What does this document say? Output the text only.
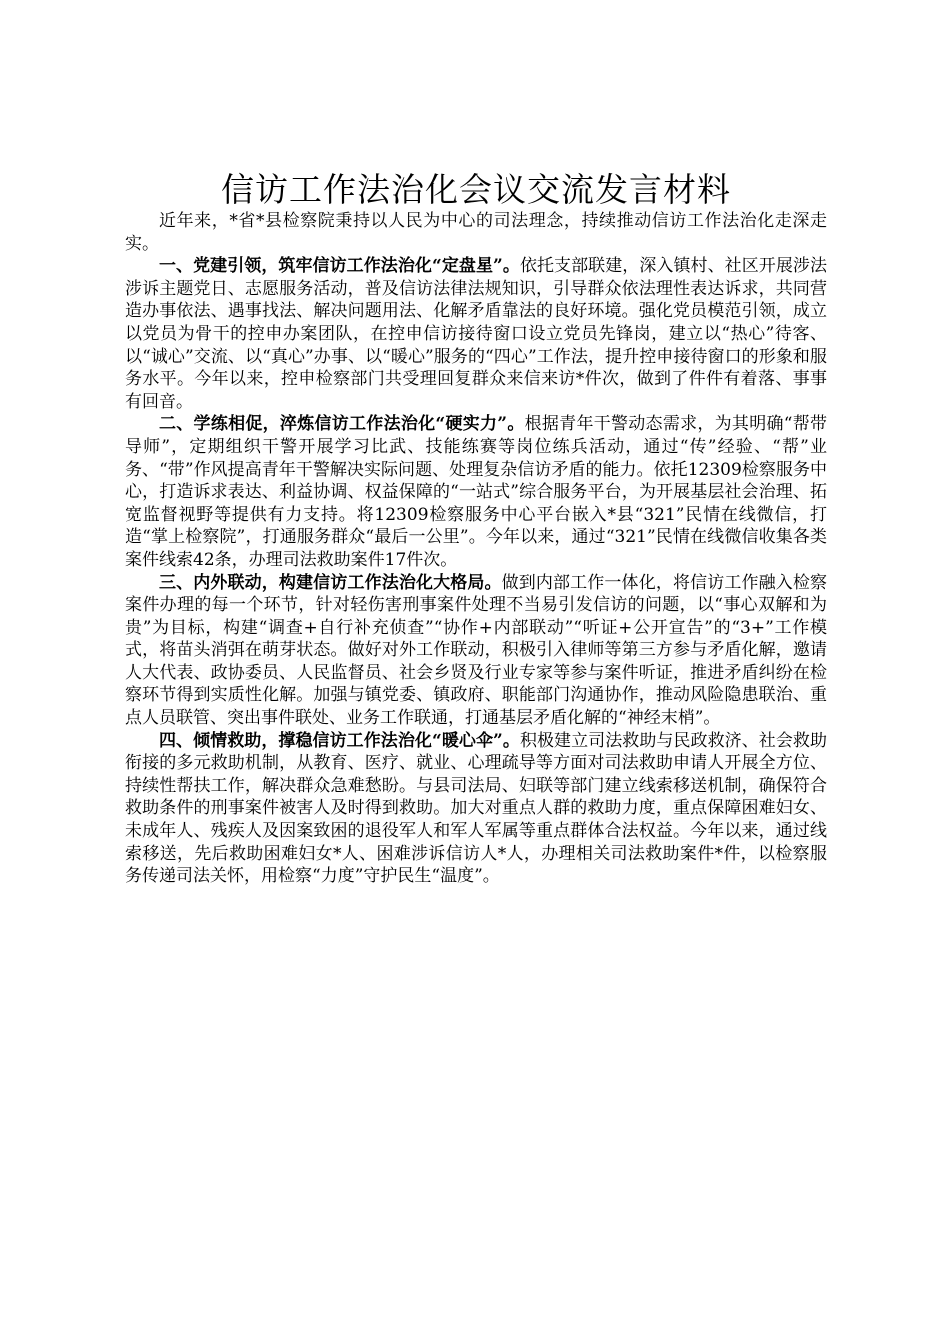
信访工作法治化会议交流发言材料

近年来，*省*县检察院秉持以人民为中心的司法理念，持续推动信访工作法治化走深走实。

一、党建引领，筑牢信访工作法治化“定盘星”。依托支部联建，深入镇村、社区开展涉法涉诉主题党日、志愿服务活动，普及信访法律法规知识，引导群众依法理性表达诉求，共同营造办事依法、遇事找法、解决问题用法、化解矛盾靠法的良好环境。强化党员模范引领，成立以党员为骨干的控申办案团队，在控申信访接待窗口设立党员先锋岗，建立以“热心”待客、以“诚心”交流、以“真心”办事、以“暖心”服务的“四心”工作法，提升控申接待窗口的形象和服务水平。今年以来，控申检察部门共受理回复群众来信来访*件次，做到了件件有着落、事事有回音。

二、学练相促，淬炼信访工作法治化“硬实力”。根据青年干警动态需求，为其明确“帮带导师”，定期组织干警开展学习比武、技能练赛等岗位练兵活动，通过“传”经验、“帮”业务、“带”作风提高青年干警解决实际问题、处理复杂信访矛盾的能力。依托12309检察服务中心，打造诉求表达、利益协调、权益保障的“一站式”综合服务平台，为开展基层社会治理、拓宽监督视野等提供有力支持。将12309检察服务中心平台嵌入*县“321”民情在线微信，打造“掌上检察院”，打通服务群众“最后一公里”。今年以来，通过“321”民情在线微信收集各类案件线索42条，办理司法救助案件17件次。

三、内外联动，构建信访工作法治化大格局。做到内部工作一体化，将信访工作融入检察案件办理的每一个环节，针对轻伤害刑事案件处理不当易引发信访的问题，以“事心双解和为贵”为目标，构建“调查+自行补充侦查”“协作+内部联动”“听证+公开宣告”的“3+”工作模式，将苗头消弭在萌芽状态。做好对外工作联动，积极引入律师等第三方参与矛盾化解，邀请人大代表、政协委员、人民监督员、社会乡贤及行业专家等参与案件听证，推进矛盾纠纷在检察环节得到实质性化解。加强与镇党委、镇政府、职能部门沟通协作，推动风险隐患联治、重点人员联管、突出事件联处、业务工作联通，打通基层矛盾化解的“神经末梢”。

四、倾情救助，撑稳信访工作法治化“暖心伞”。积极建立司法救助与民政救济、社会救助衔接的多元救助机制，从教育、医疗、就业、心理疏导等方面对司法救助申请人开展全方位、持续性帮扶工作，解决群众急难愁盼。与县司法局、妇联等部门建立线索移送机制，确保符合救助条件的刑事案件被害人及时得到救助。加大对重点人群的救助力度，重点保障困难妇女、未成年人、残疾人及因案致困的退役军人和军人军属等重点群体合法权益。今年以来，通过线索移送，先后救助困难妇女*人、困难涉诉信访人*人，办理相关司法救助案件*件，以检察服务传递司法关怀，用检察“力度”守护民生“温度”。
